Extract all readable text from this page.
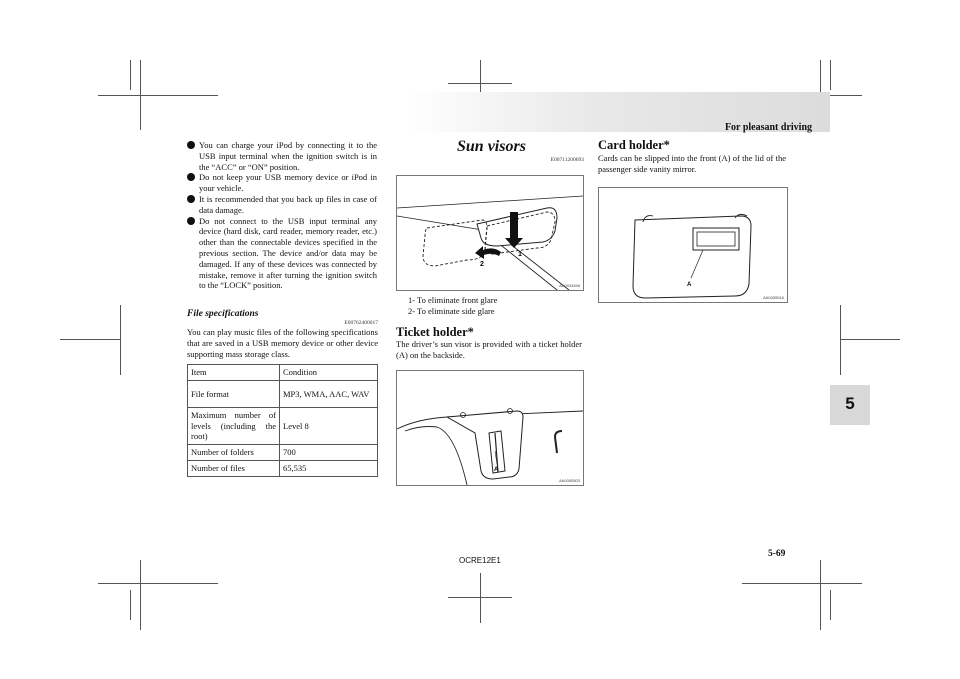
For pleasant driving
5

You can charge your iPod by connecting it to the USB input terminal when the ignition switch is in the “ACC” or “ON” position.

Do not keep your USB memory device or iPod in your vehicle.

It is recommended that you back up files in case of data damage.

Do not connect to the USB input terminal any device (hard disk, card reader, memory reader, etc.) other than the connectable devices specified in the previous section. The device and/or data may be damaged. If any of these devices was connected by mistake, remove it after turning the ignition switch to the “LOCK” position.

File specifications
E00762400017
You can play music files of the following specifications that are saved in a USB memory device or other device supporting mass storage class.
Item	Condition
File format	MP3, WMA, AAC, WAV
Maximum number of levels (including the root)	Level 8
Number of folders	700
Number of files	65,535
Sun visors
E00711200693
1
2
AA0033498
1- To eliminate front glare
2- To eliminate side glare
Ticket holder*
The driver’s sun visor is provided with a ticket holder (A) on the backside.
A
AA0055503
Card holder*
Cards can be slipped into the front (A) of the lid of the passenger side vanity mirror.
A
AA0055516
OCRE12E1
5-69
